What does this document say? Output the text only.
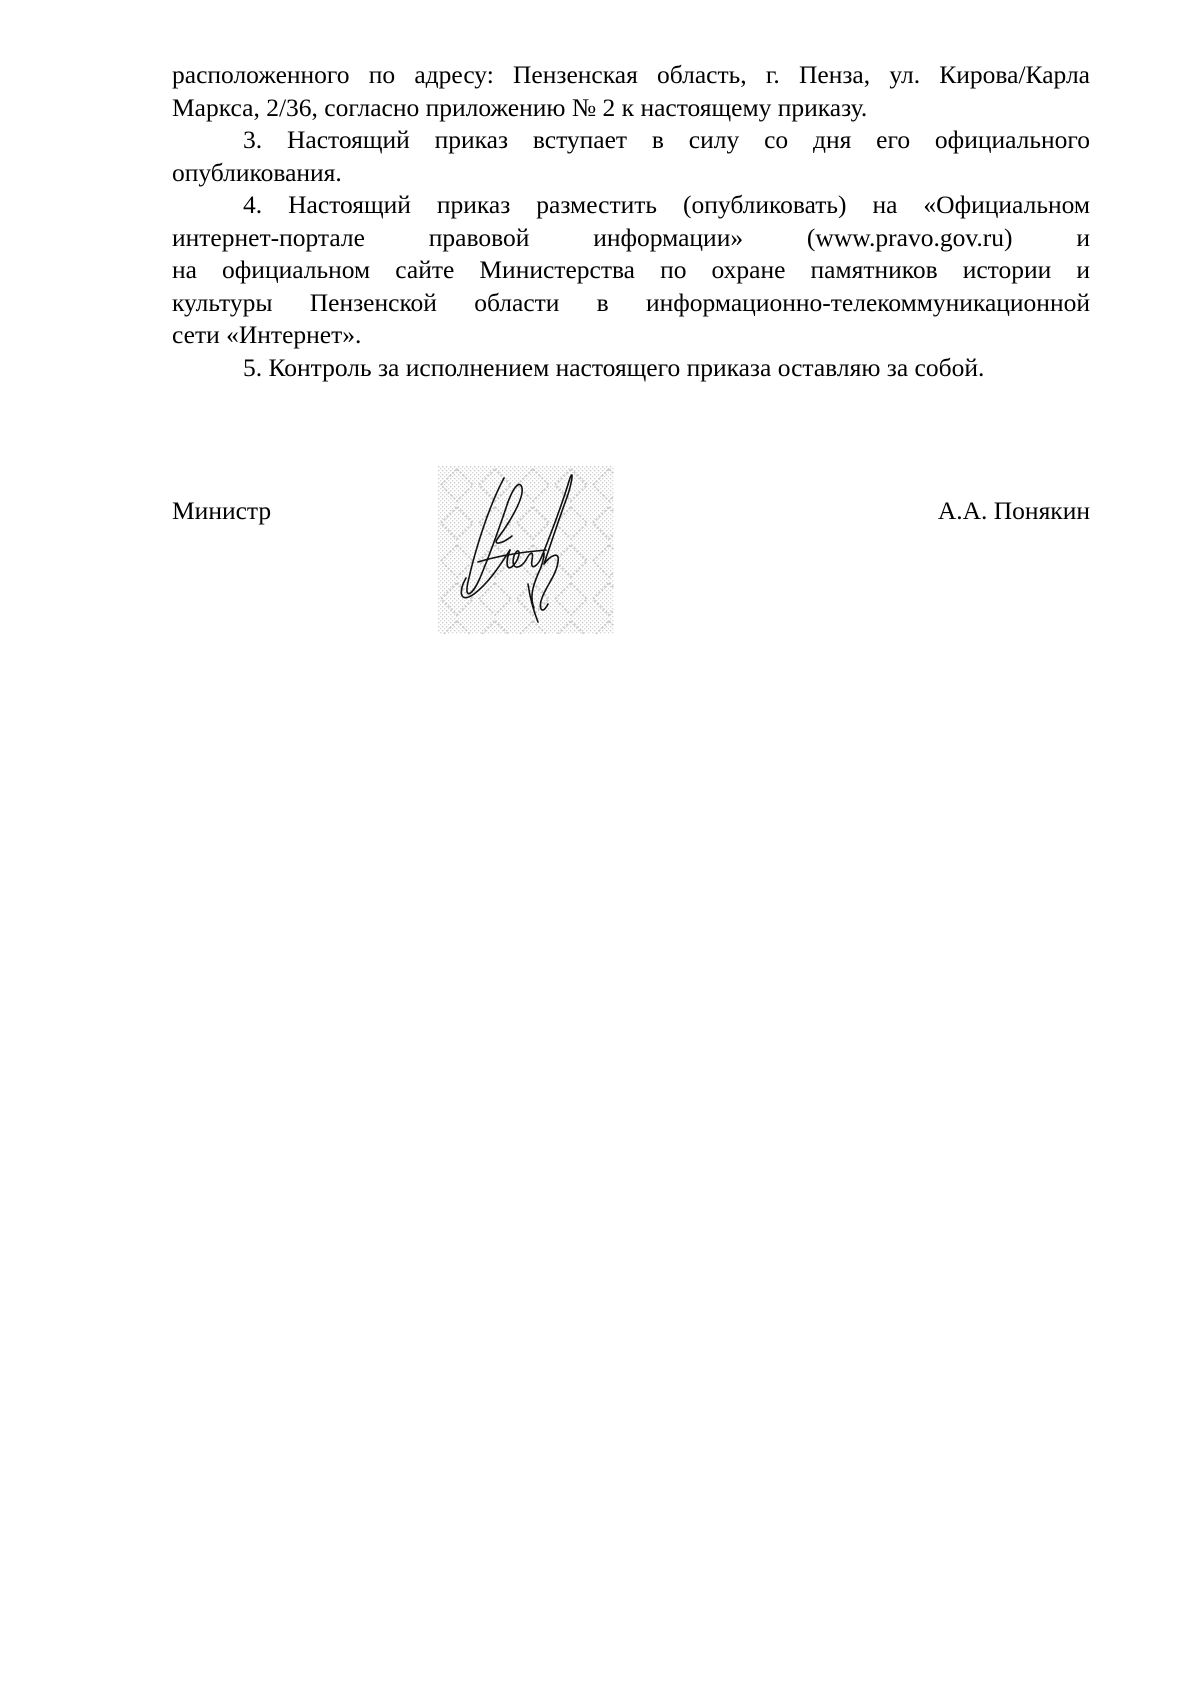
расположенного по адресу: Пензенская область, г. Пенза, ул. Кирова/Карла
Маркса, 2/36, согласно приложению № 2 к настоящему приказу.
3. Настоящий приказ вступает в силу со дня его официального
опубликования.
4. Настоящий приказ разместить (опубликовать) на «Официальном
интернет-портале правовой информации» (www.pravo.gov.ru) и
на официальном сайте Министерства по охране памятников истории и
культуры Пензенской области в информационно-телекоммуникационной
сети «Интернет».
5. Контроль за исполнением настоящего приказа оставляю за собой.
Министр	А.А. Понякин
